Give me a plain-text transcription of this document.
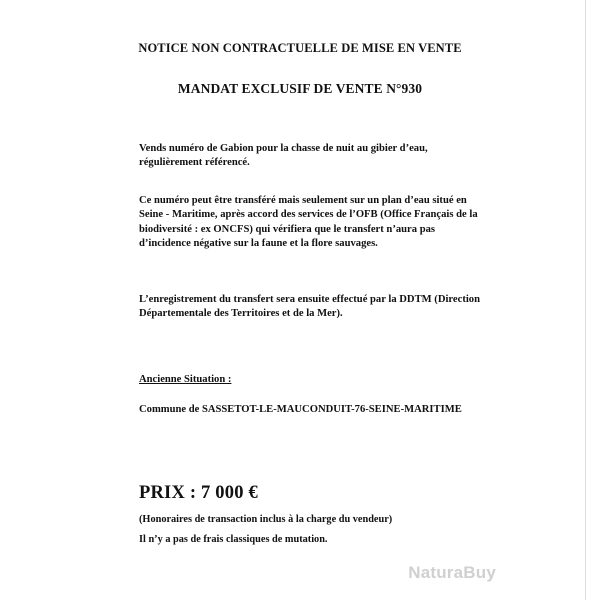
NOTICE NON CONTRACTUELLE DE MISE EN VENTE

MANDAT EXCLUSIF DE VENTE N°930

Vends numéro de Gabion pour la chasse de nuit au gibier d’eau, régulièrement référencé.

Ce numéro peut être transféré mais seulement sur un plan d’eau situé en Seine - Maritime, après accord des services de l’OFB (Office Français de la biodiversité : ex ONCFS) qui vérifiera que le transfert n’aura pas d’incidence négative sur la faune et la flore sauvages.

L’enregistrement du transfert sera ensuite effectué par la DDTM (Direction Départementale des Territoires et de la Mer).

Ancienne Situation :

Commune de SASSETOT-LE-MAUCONDUIT-76-SEINE-MARITIME

PRIX : 7 000 €

(Honoraires de transaction inclus à la charge du vendeur)

Il n’y a pas de frais classiques de mutation.

NaturaBuy
